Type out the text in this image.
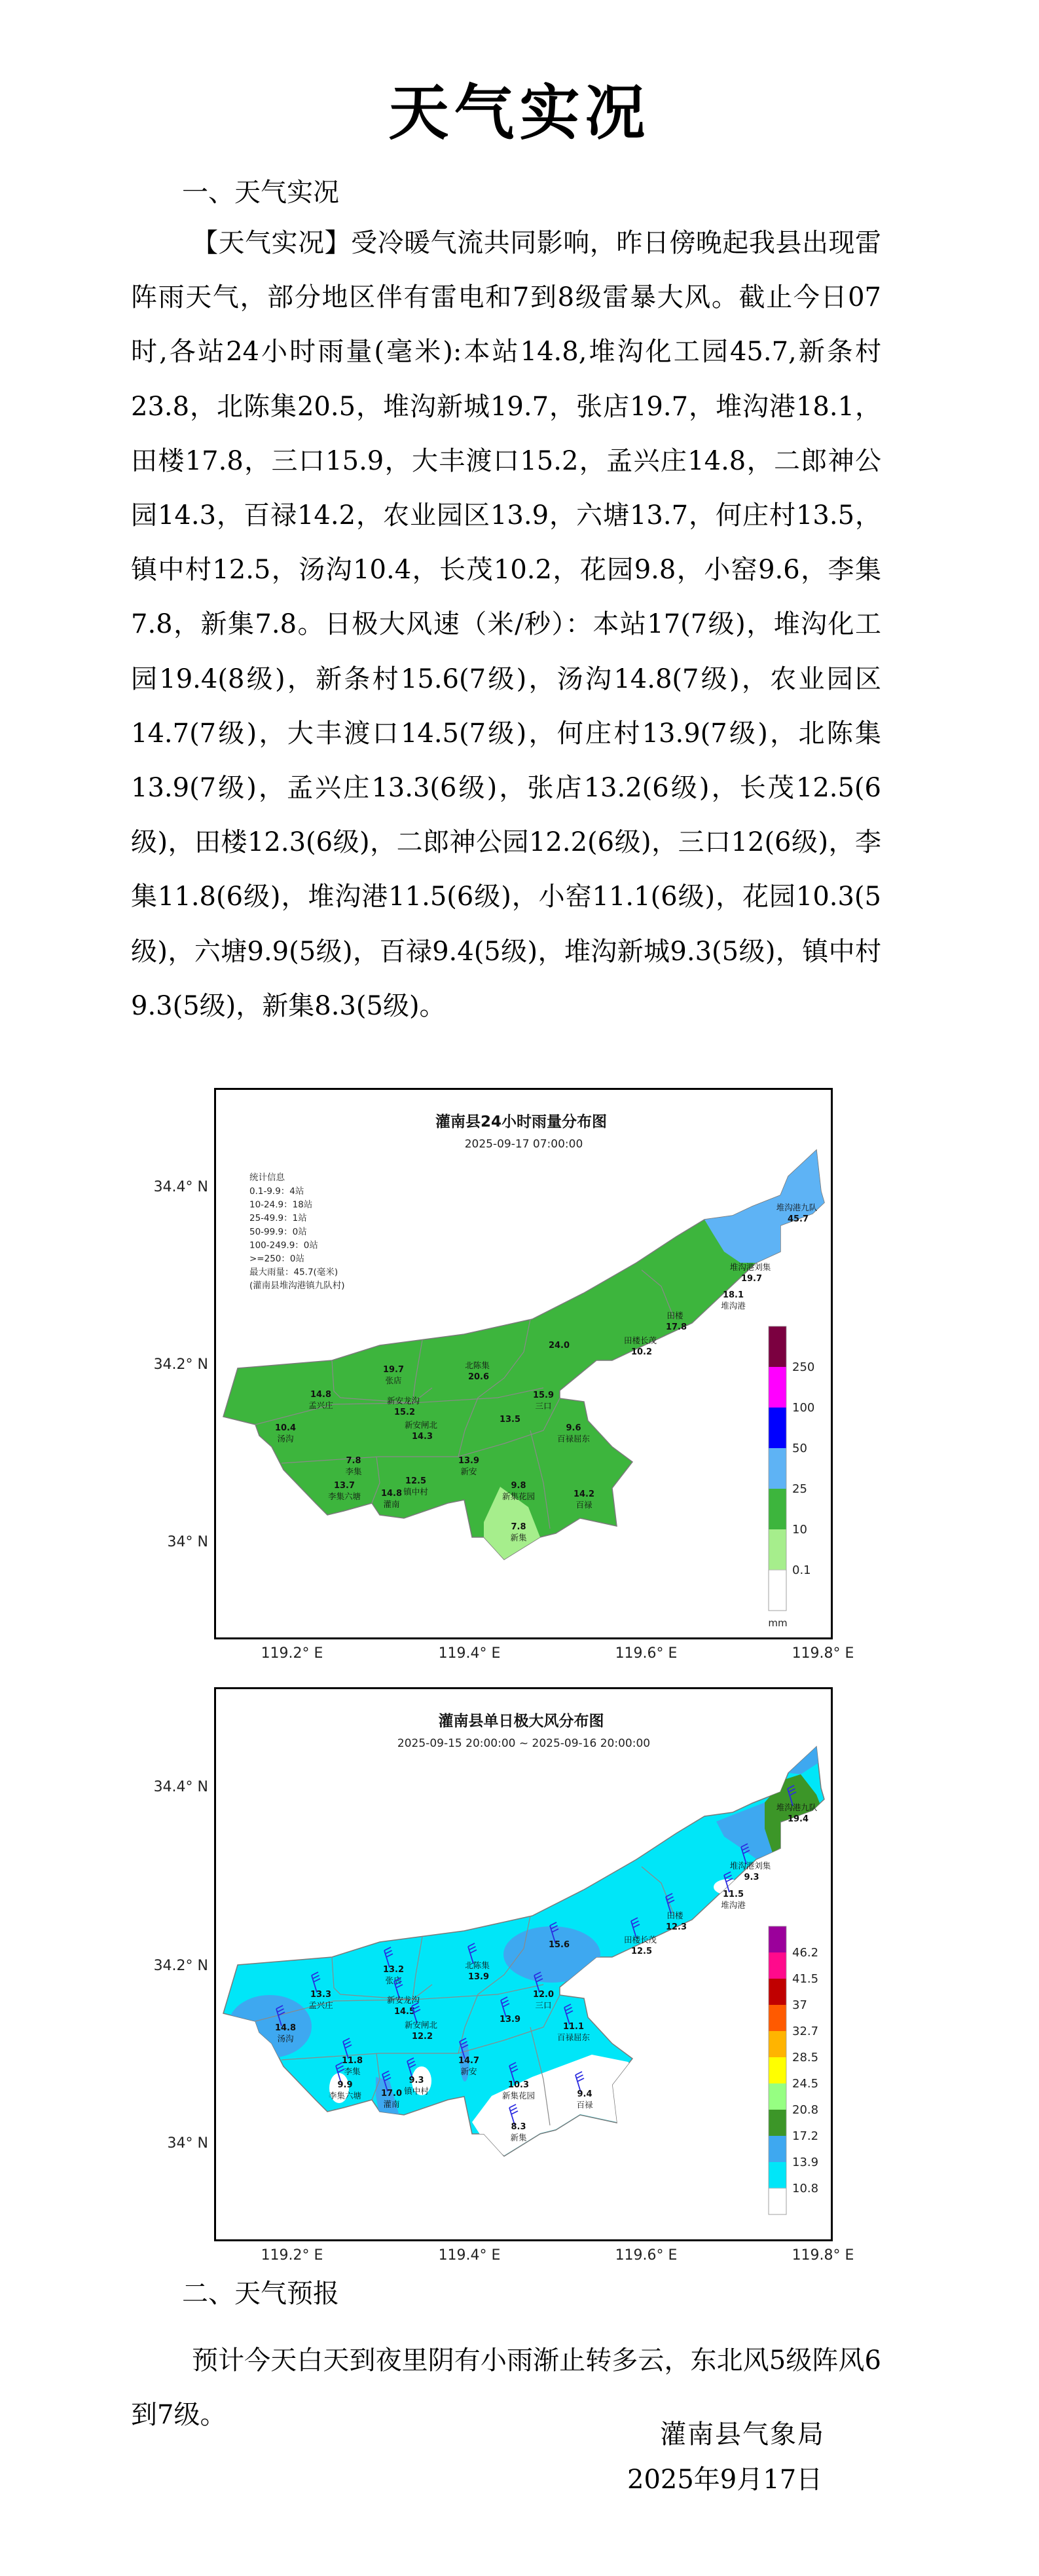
天气实况
一、天气实况

【天气实况】受冷暖气流共同影响，昨日傍晚起我县出现雷阵雨天气，部分地区伴有雷电和7到8级雷暴大风。截止今日07时,各站24小时雨量(毫米):本站14.8,堆沟化工园45.7,新条村23.8，北陈集20.5，堆沟新城19.7，张店19.7，堆沟港18.1，田楼17.8，三口15.9，大丰渡口15.2，孟兴庄14.8，二郎神公园14.3，百禄14.2，农业园区13.9，六塘13.7，何庄村13.5，镇中村12.5，汤沟10.4，长茂10.2，花园9.8，小窑9.6，李集7.8，新集7.8。日极大风速（米/秒）：本站17(7级)，堆沟化工园19.4(8级)，新条村15.6(7级)，汤沟14.8(7级)，农业园区14.7(7级)，大丰渡口14.5(7级)，何庄村13.9(7级)，北陈集13.9(7级)，孟兴庄13.3(6级)，张店13.2(6级)，长茂12.5(6级)，田楼12.3(6级)，二郎神公园12.2(6级)，三口12(6级)，李集11.8(6级)，堆沟港11.5(6级)，小窑11.1(6级)，花园10.3(5级)，六塘9.9(5级)，百禄9.4(5级)，堆沟新城9.3(5级)，镇中村9.3(5级)，新集8.3(5级)。

灌南县24小时雨量分布图
2025-09-17 07:00:00
统计信息
0.1-9.9：4站
10-24.9：18站
25-49.9：1站
50-99.9：0站
100-249.9：0站
>=250：0站
最大雨量：45.7(毫米)
(灌南县堆沟港镇九队村)
堆沟港九队
45.7
堆沟港刘集
19.7
18.1
堆沟港
田楼
17.8
田楼长茂
10.2
24.0
北陈集
20.6
19.7
张店
14.8
孟兴庄	新安龙沟
15.2
15.9
三口
13.5
10.4
汤沟
新安闸北
14.3
9.6
百禄屈东
7.8
李集
13.9
新安
13.7
李集六塘
12.5
镇中村
14.8
灌南
9.8
新集花园	14.2
百禄
7.8
新集
250
100
50
25
10
0.1
mm
34.4° N
34.2° N
34° N
119.2° E	119.4° E	119.6° E	119.8° E
灌南县单日极大风分布图
2025-09-15 20:00:00 ~ 2025-09-16 20:00:00
堆沟港九队
19.4
堆沟港刘集
9.3
11.5
堆沟港
田楼
12.3
田楼长茂
12.5
15.6
北陈集
13.9
13.2
张店
13.3
孟兴庄
新安龙沟
14.5
12.0
三口
13.9
14.8
汤沟
新安闸北
12.2
11.1
百禄屈东
11.8
李集
14.7
新安
9.9
李集六塘
9.3
镇中村
17.0
灌南
10.3
新集花园	9.4
百禄
8.3
新集
46.2
41.5
37
32.7
28.5
24.5
20.8
17.2
13.9
10.8
34.4° N
34.2° N
34° N
119.2° E	119.4° E	119.6° E	119.8° E
二、天气预报

预计今天白天到夜里阴有小雨渐止转多云，东北风5级阵风6到7级。

灌南县气象局
2025年9月17日
